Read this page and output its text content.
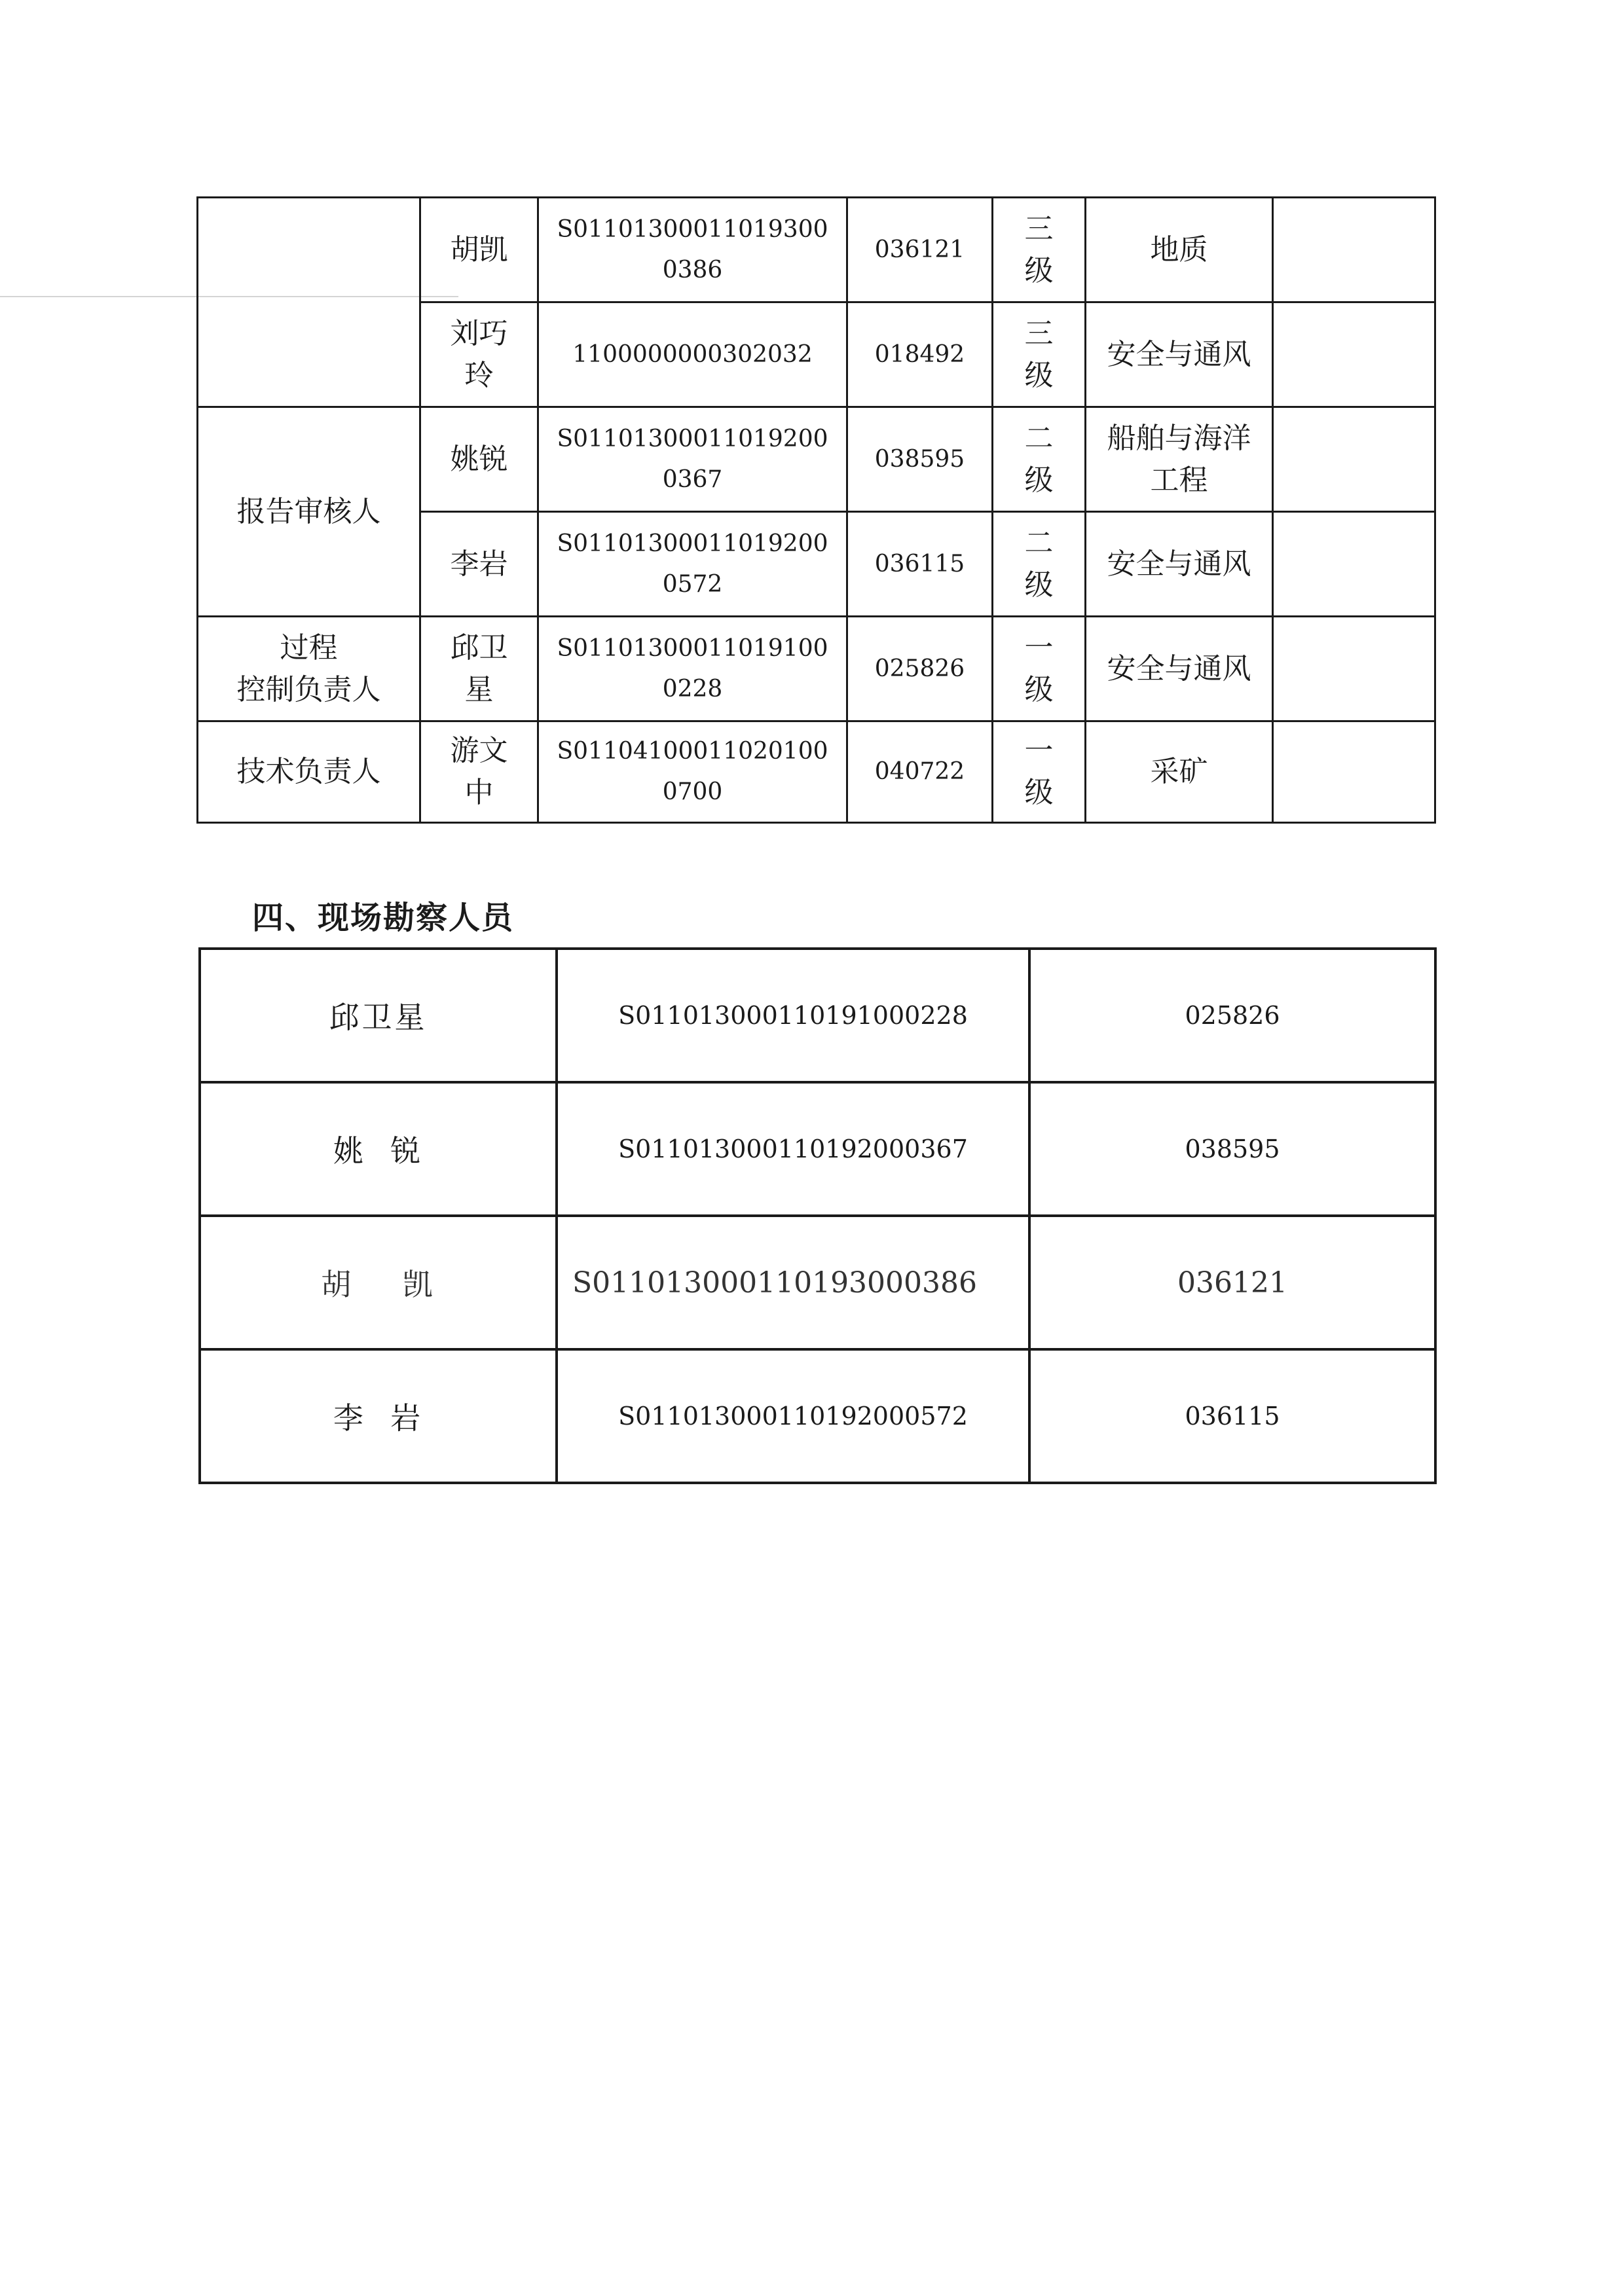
	胡凯	S011013000110193000386	036121	三级	地质	
	刘巧玲	1100000000302032	018492	三级	安全与通风	
报告审核人	姚锐	S011013000110192000367	038595	二级	船舶与海洋工程	
	李岩	S011013000110192000572	036115	二级	安全与通风	
过程
控制负责人	邱卫星	S011013000110191000228	025826	一级	安全与通风	
技术负责人	游文中	S011041000110201000700	040722	一级	采矿	
四、现场勘察人员
邱卫星	S011013000110191000228	025826
姚  锐	S011013000110192000367	038595
胡    凯	S011013000110193000386	036121
李  岩	S011013000110192000572	036115
